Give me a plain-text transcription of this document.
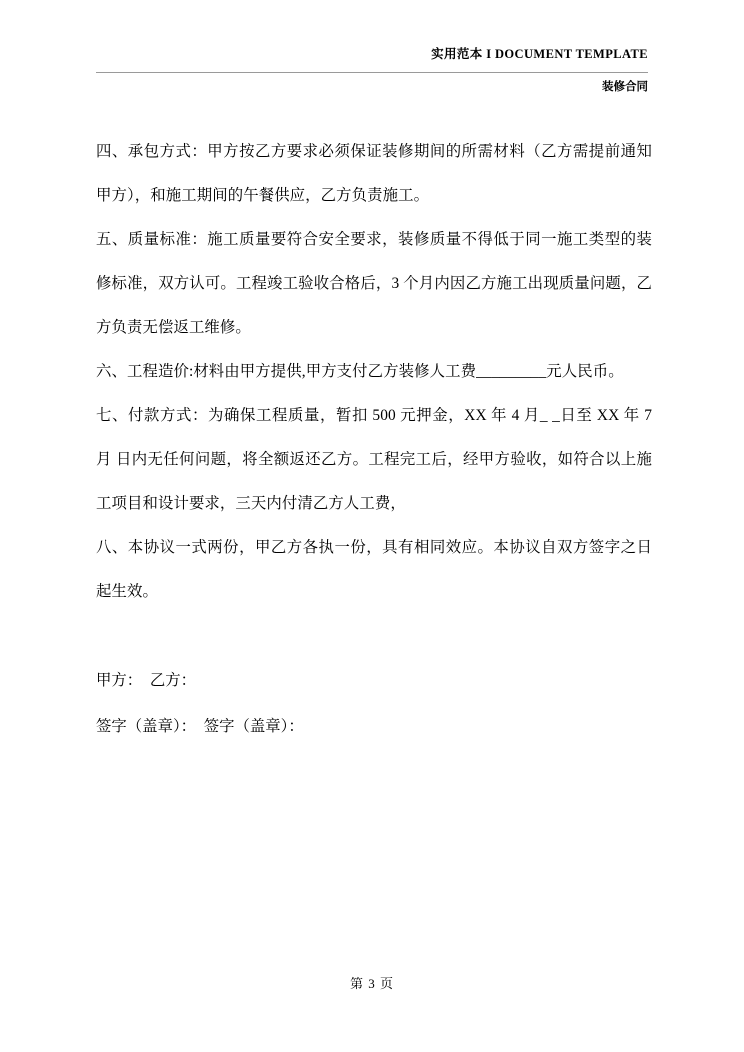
实用范本 I DOCUMENT TEMPLATE
装修合同

四、承包方式：甲方按乙方要求必须保证装修期间的所需材料（乙方需提前通知甲方），和施工期间的午餐供应，乙方负责施工。

五、质量标准：施工质量要符合安全要求，装修质量不得低于同一施工类型的装修标准，双方认可。工程竣工验收合格后，3 个月内因乙方施工出现质量问题，乙方负责无偿返工维修。

六、工程造价:材料由甲方提供,甲方支付乙方装修人工费_________元人民币。

七、付款方式：为确保工程质量，暂扣 500 元押金，XX 年 4 月_ _日至 XX 年 7 月 日内无任何问题，将全额返还乙方。工程完工后，经甲方验收，如符合以上施工项目和设计要求，三天内付清乙方人工费，

八、本协议一式两份，甲乙方各执一份，具有相同效应。本协议自双方签字之日起生效。

甲方：  乙方：
签字（盖章）：  签字（盖章）：
第 3 页
